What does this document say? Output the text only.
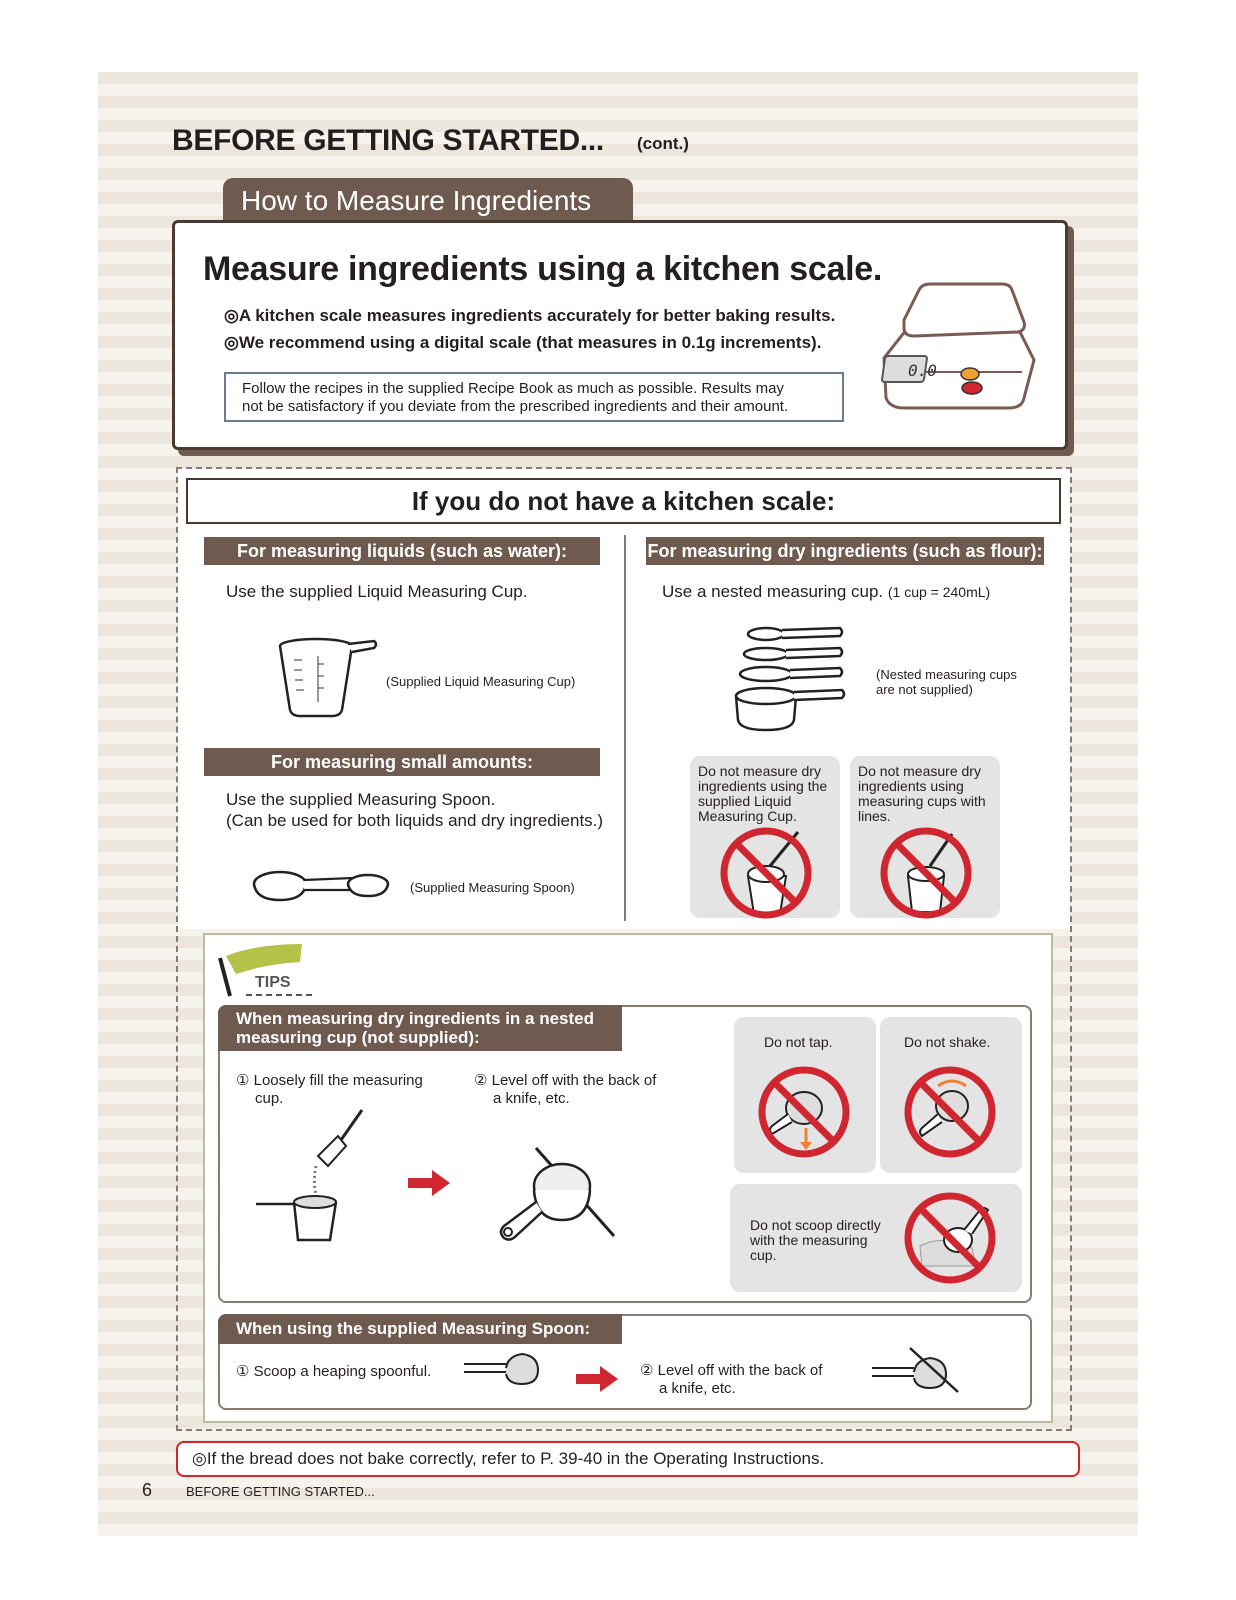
BEFORE GETTING STARTED... (cont.)
How to Measure Ingredients
Measure ingredients using a kitchen scale.
◎A kitchen scale measures ingredients accurately for better baking results.
◎We recommend using a digital scale (that measures in 0.1g increments).
Follow the recipes in the supplied Recipe Book as much as possible. Results may
not be satisfactory if you deviate from the prescribed ingredients and their amount.
0.0
If you do not have a kitchen scale:
For measuring liquids (such as water):
Use the supplied Liquid Measuring Cup.
(Supplied Liquid Measuring Cup)
For measuring small amounts:
Use the supplied Measuring Spoon.
(Can be used for both liquids and dry ingredients.)
(Supplied Measuring Spoon)
For measuring dry ingredients (such as flour):
Use a nested measuring cup. (1 cup = 240mL)
(Nested measuring cups
are not supplied)
Do not measure dry
ingredients using the
supplied Liquid
Measuring Cup.
Do not measure dry
ingredients using
measuring cups with
lines.
TIPS
When measuring dry ingredients in a nested
measuring cup (not supplied):
① Loosely fill the measuring
cup.
② Level off with the back of
a knife, etc.
Do not tap.	Do not shake.
Do not scoop directly
with the measuring
cup.
When using the supplied Measuring Spoon:
① Scoop a heaping spoonful.	② Level off with the back of
a knife, etc.
◎If the bread does not bake correctly, refer to P. 39-40 in the Operating Instructions.
6	BEFORE GETTING STARTED...
